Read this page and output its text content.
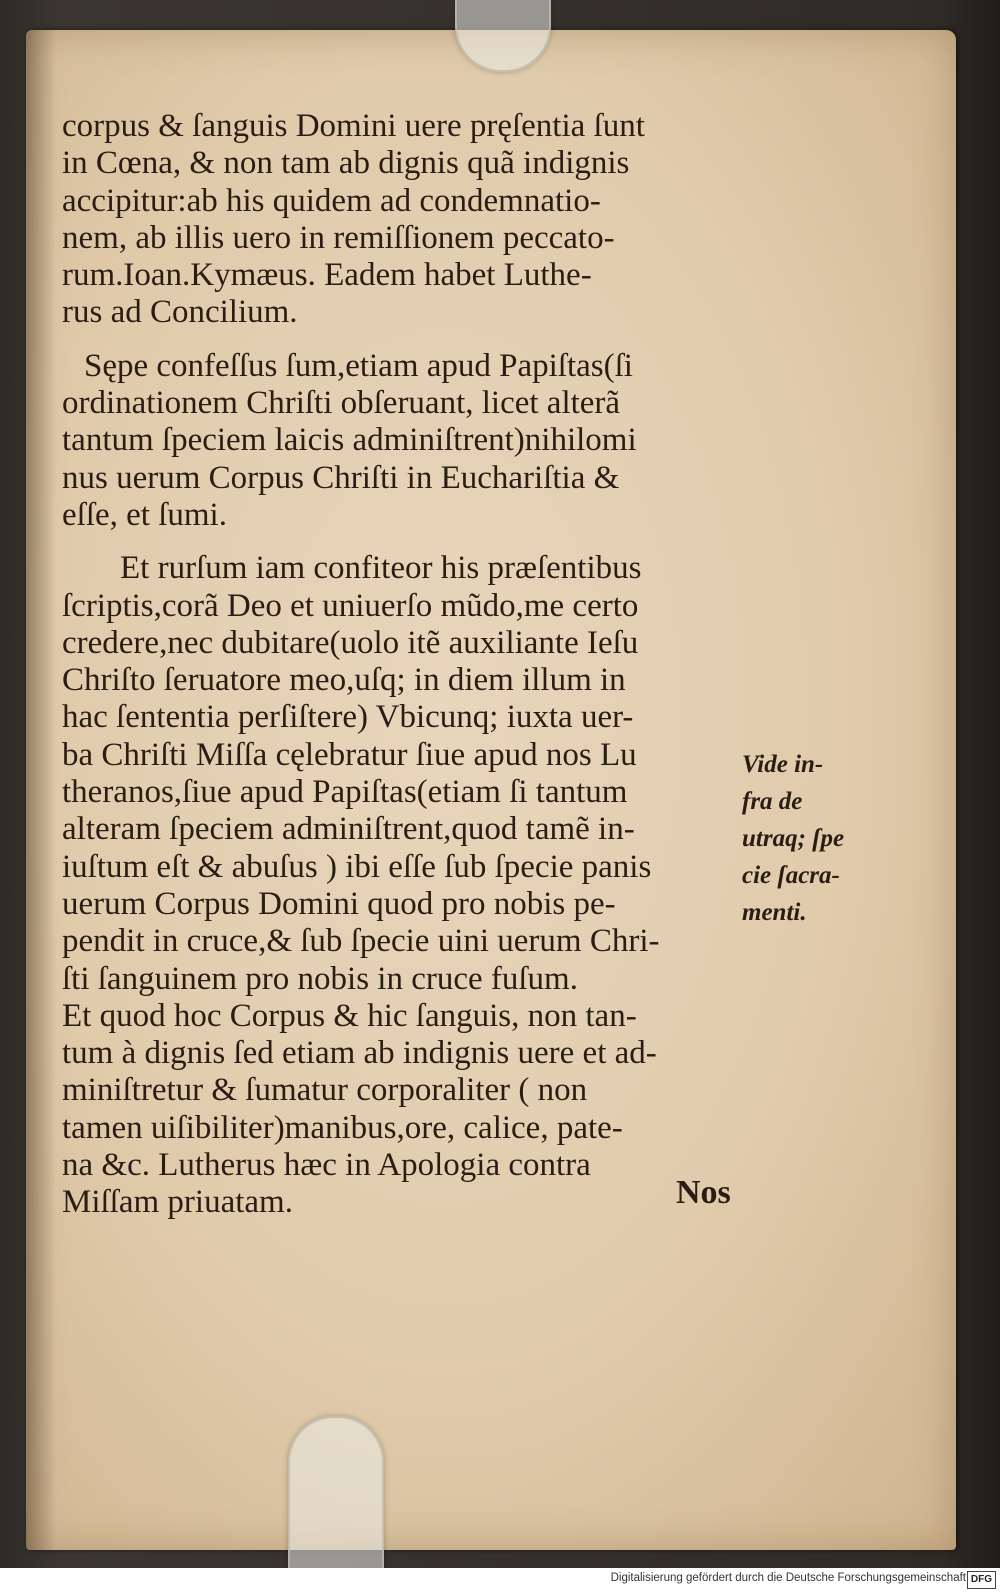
corpus & ſanguis Domini uere pręſentia ſunt
in Cœna, & non tam ab dignis quã indignis
accipitur:ab his quidem ad condemnatio-
nem, ab illis uero in remiſſionem peccato-
rum.Ioan.Kymæus. Eadem habet Luthe-
rus ad Concilium.
Sępe confeſſus ſum,etiam apud Papiſtas(ſi
ordinationem Chriſti obſeruant, licet alterã
tantum ſpeciem laicis adminiſtrent)nihilomi
nus uerum Corpus Chriſti in Euchariſtia &
eſſe, et ſumi.
Et rurſum iam confiteor his præſentibus
ſcriptis,corã Deo et uniuerſo mũdo,me certo
credere,nec dubitare(uolo itẽ auxiliante Ieſu
Chriſto ſeruatore meo,uſq; in diem illum in
hac ſententia perſiſtere) Vbicunq; iuxta uer-
ba Chriſti Miſſa cęlebratur ſiue apud nos Lu
theranos,ſiue apud Papiſtas(etiam ſi tantum
alteram ſpeciem adminiſtrent,quod tamẽ in-
iuſtum eſt & abuſus ) ibi eſſe ſub ſpecie panis
uerum Corpus Domini quod pro nobis pe-
pendit in cruce,& ſub ſpecie uini uerum Chri-
ſti ſanguinem pro nobis in cruce fuſum.
Et quod hoc Corpus & hic ſanguis, non tan-
tum à dignis ſed etiam ab indignis uere et ad-
miniſtretur & ſumatur corporaliter ( non
tamen uiſibiliter)manibus,ore, calice, pate-
na &c. Lutherus hæc in Apologia contra
Miſſam priuatam.
Vide in-
fra de
utraq; ſpe
cie ſacra-
menti.
Nos
Digitalisierung gefördert durch die Deutsche Forschungsgemeinschaft DFG
